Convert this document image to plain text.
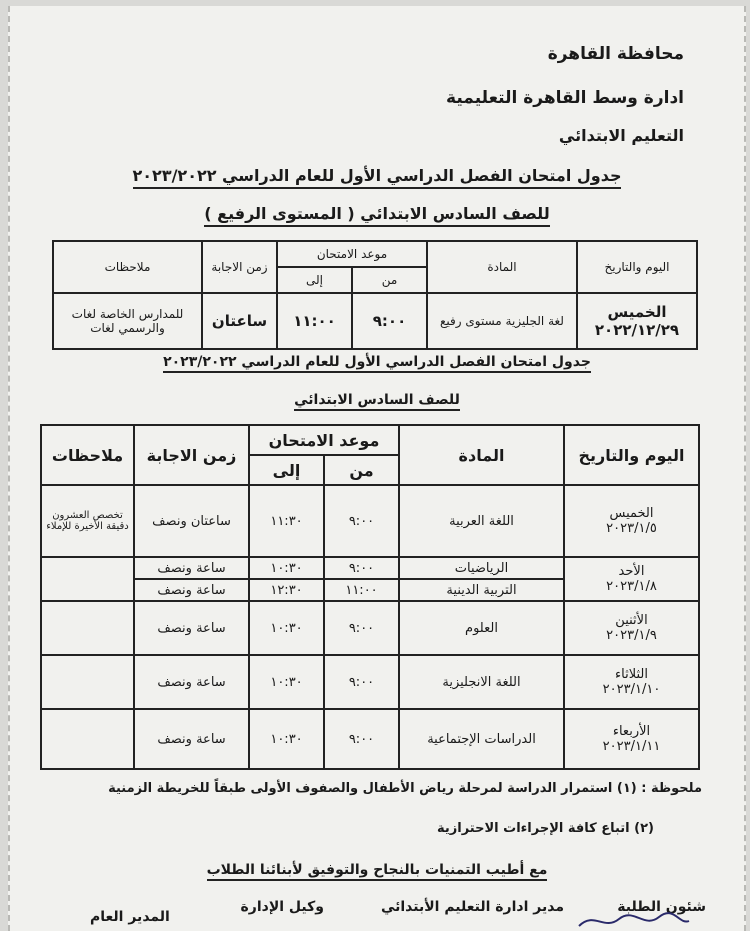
محافظة القاهرة
ادارة وسط القاهرة التعليمية
التعليم الابتدائي
جدول امتحان الفصل الدراسي الأول للعام الدراسي ٢٠٢٣/٢٠٢٢
للصف السادس الابتدائي ( المستوى الرفيع )
اليوم والتاريخ	المادة	موعد الامتحان		زمن الاجابة	ملاحظات
		من	إلى		

الخميس
٢٠٢٢/١٢/٢٩	لغة الجليزية مستوى رفيع	٩:٠٠	١١:٠٠	ساعتان	للمدارس الخاصة لغات والرسمي لغات
جدول امتحان الفصل الدراسي الأول للعام الدراسي ٢٠٢٣/٢٠٢٢
للصف السادس الابتدائي
اليوم والتاريخ	المادة	موعد الامتحان		زمن الاجابة	ملاحظات
		من	إلى		

الخميس
٢٠٢٣/١/٥	اللغة العربية	٩:٠٠	١١:٣٠	ساعتان ونصف	تخصص العشرون دقيقة الأخيرة للإملاء

الأحد
٢٠٢٣/١/٨	الرياضيات	٩:٠٠	١٠:٣٠	ساعة ونصف	
	التربية الدينية	١١:٠٠	١٢:٣٠	ساعة ونصف	

الأثنين
٢٠٢٣/١/٩	العلوم	٩:٠٠	١٠:٣٠	ساعة ونصف	

الثلاثاء
٢٠٢٣/١/١٠	اللغة الانجليزية	٩:٠٠	١٠:٣٠	ساعة ونصف	

الأربعاء
٢٠٢٣/١/١١	الدراسات الإجتماعية	٩:٠٠	١٠:٣٠	ساعة ونصف	
ملحوظة : (١) استمرار الدراسة لمرحلة رياض الأطفال والصفوف الأولى طبقاً للخريطة الزمنية
(٢) اتباع كافة الإجراءات الاحترازية
مع أطيب التمنيات بالنجاح والتوفيق لأبنائنا الطلاب
شئون الطلبة
مدير ادارة التعليم الأبتدائي
وكيل الإدارة
المدير العام
